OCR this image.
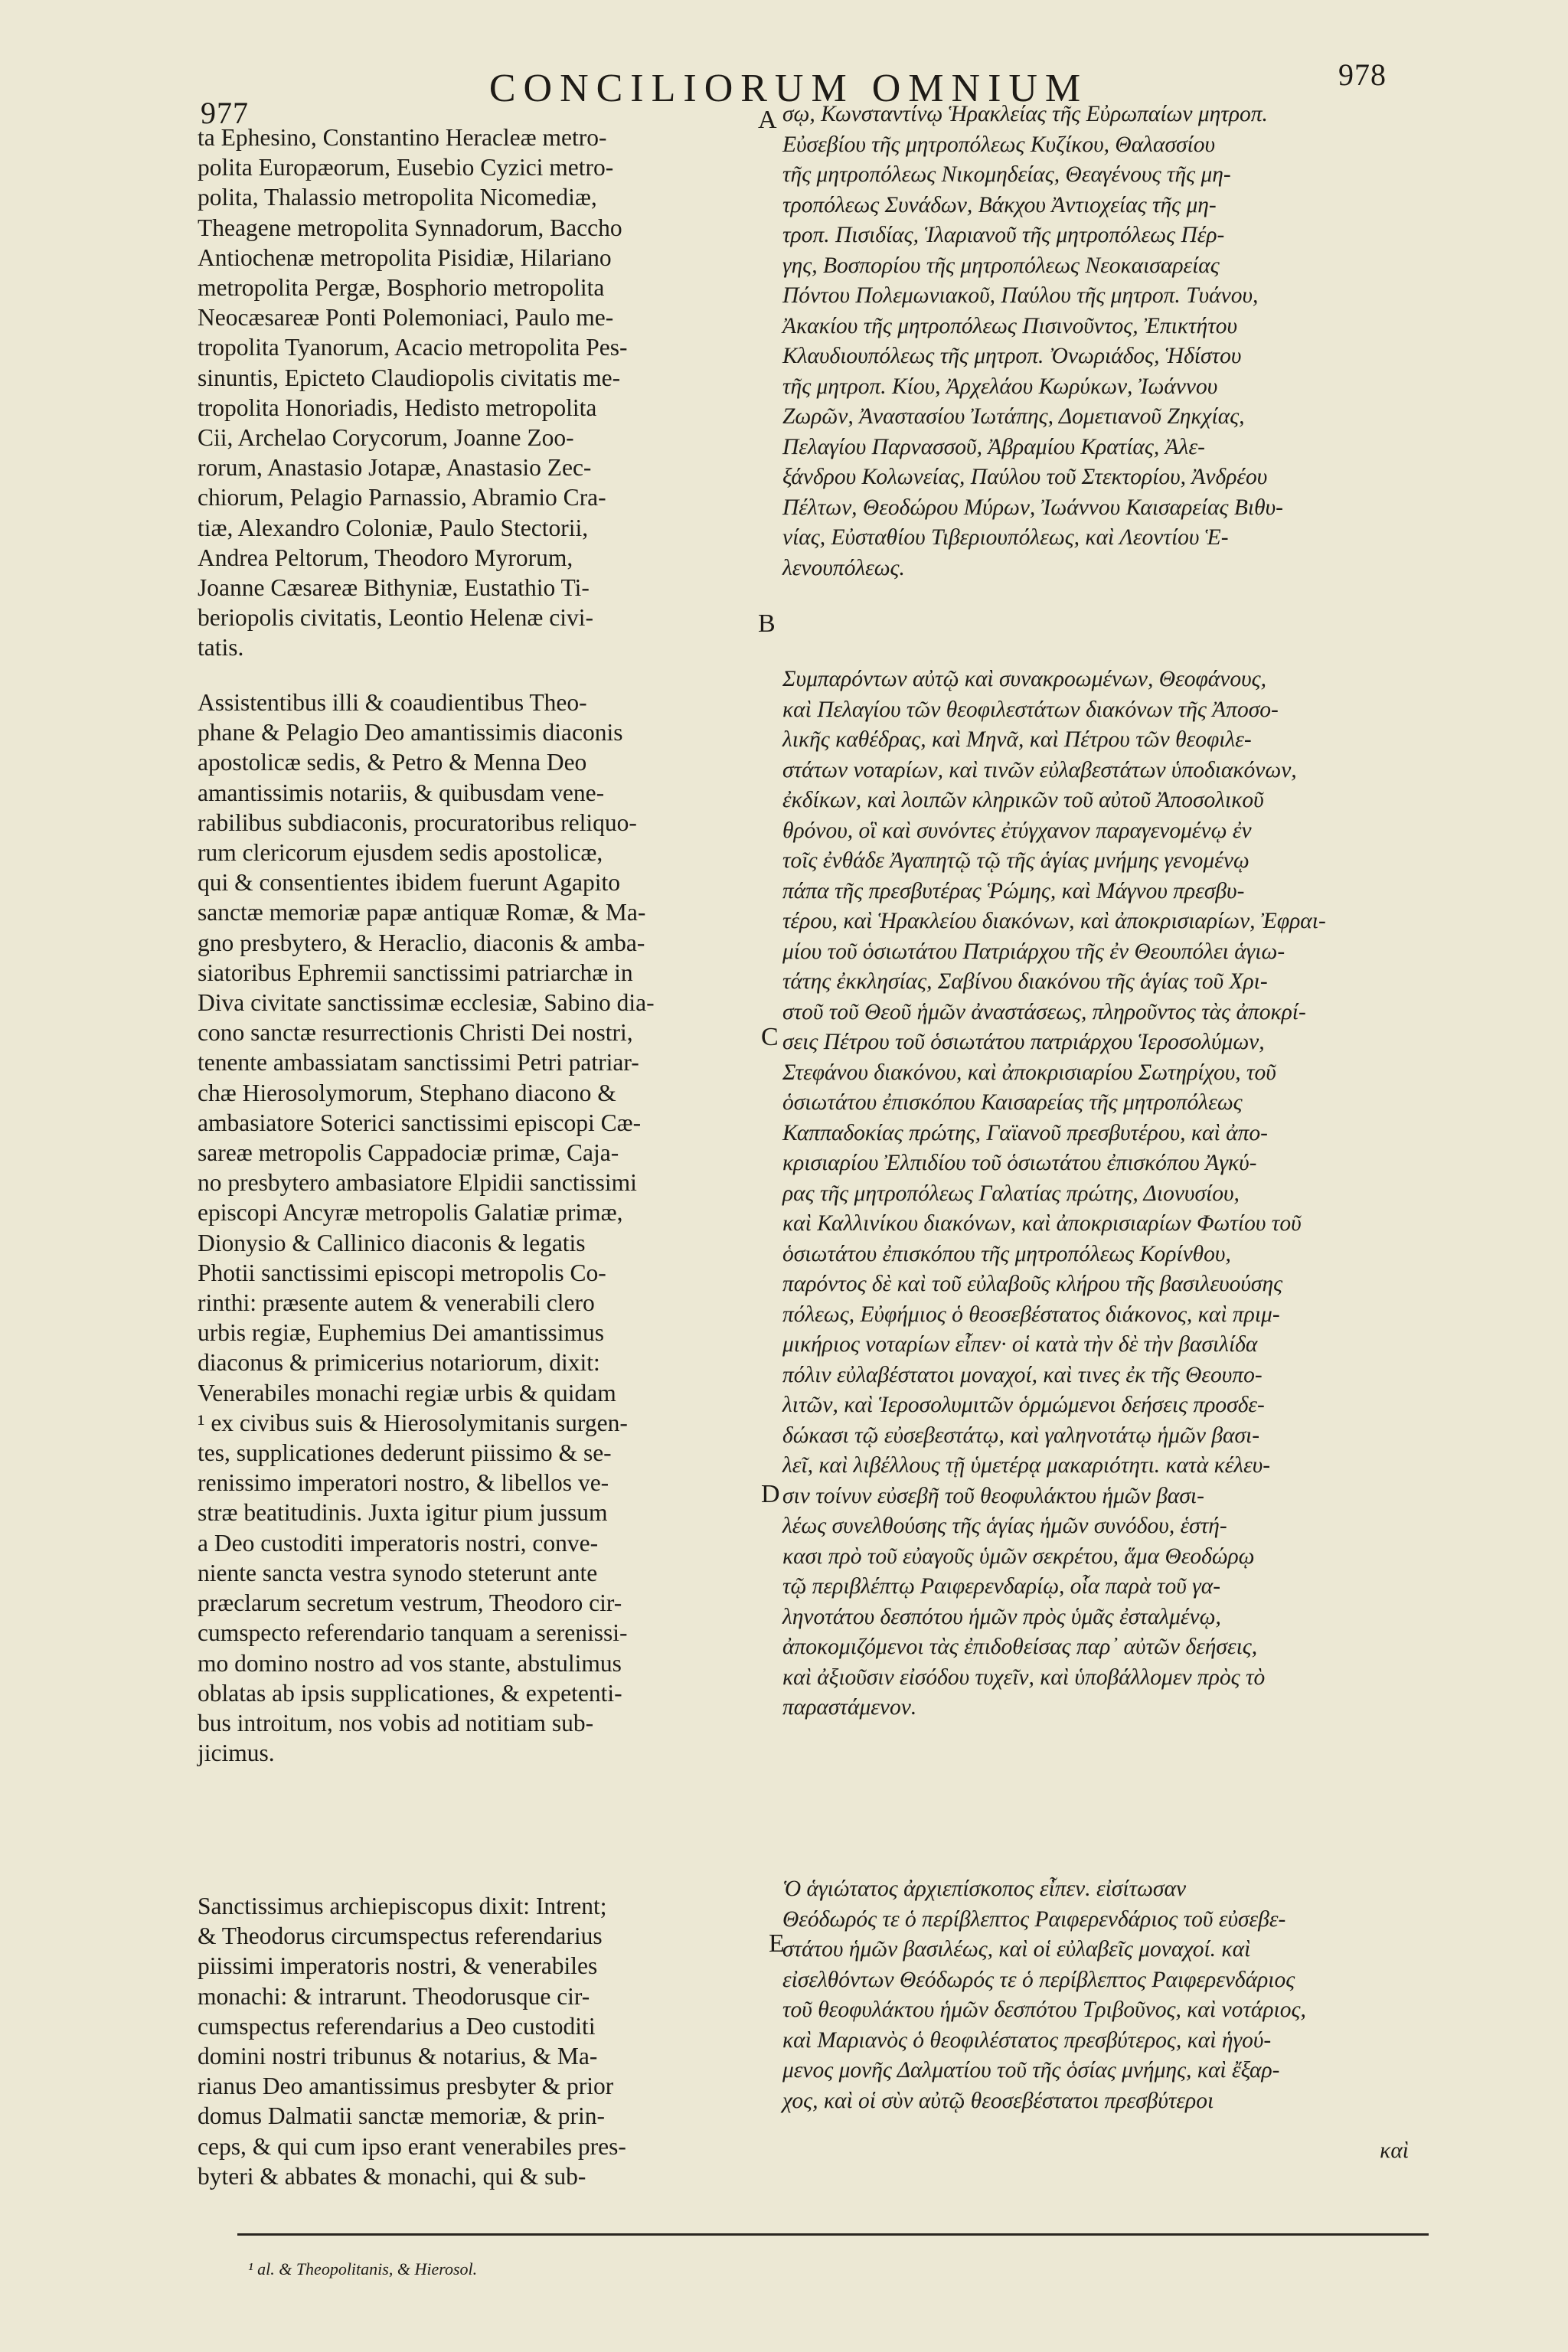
977
CONCILIORUM OMNIUM	978

ta Ephesino, Constantino Heracleæ metro-
polita Europæorum, Eusebio Cyzici metro-
polita, Thalassio metropolita Nicomediæ,
Theagene metropolita Synnadorum, Baccho
Antiochenæ metropolita Pisidiæ, Hilariano
metropolita Pergæ, Bosphorio metropolita
Neocæsareæ Ponti Polemoniaci, Paulo me-
tropolita Tyanorum, Acacio metropolita Pes-
sinuntis, Epicteto Claudiopolis civitatis me-
tropolita Honoriadis, Hedisto metropolita
Cii, Archelao Corycorum, Joanne Zoo-
rorum, Anastasio Jotapæ, Anastasio Zec-
chiorum, Pelagio Parnassio, Abramio Cra-
tiæ, Alexandro Coloniæ, Paulo Stectorii,
Andrea Peltorum, Theodoro Myrorum,
Joanne Cæsareæ Bithyniæ, Eustathio Ti-
beriopolis civitatis, Leontio Helenæ civi-
tatis.

Assistentibus illi & coaudientibus Theo-
phane & Pelagio Deo amantissimis diaconis
apostolicæ sedis, & Petro & Menna Deo
amantissimis notariis, & quibusdam vene-
rabilibus subdiaconis, procuratoribus reliquo-
rum clericorum ejusdem sedis apostolicæ,
qui & consentientes ibidem fuerunt Agapito
sanctæ memoriæ papæ antiquæ Romæ, & Ma-
gno presbytero, & Heraclio, diaconis & amba-
siatoribus Ephremii sanctissimi patriarchæ in
Diva civitate sanctissimæ ecclesiæ, Sabino dia-
cono sanctæ resurrectionis Christi Dei nostri,
tenente ambassiatam sanctissimi Petri patriar-
chæ Hierosolymorum, Stephano diacono &
ambasiatore Soterici sanctissimi episcopi Cæ-
sareæ metropolis Cappadociæ primæ, Caja-
no presbytero ambasiatore Elpidii sanctissimi
episcopi Ancyræ metropolis Galatiæ primæ,
Dionysio & Callinico diaconis & legatis
Photii sanctissimi episcopi metropolis Co-
rinthi: præsente autem & venerabili clero
urbis regiæ, Euphemius Dei amantissimus
diaconus & primicerius notariorum, dixit:
Venerabiles monachi regiæ urbis & quidam
¹ ex civibus suis & Hierosolymitanis surgen-
tes, supplicationes dederunt piissimo & se-
renissimo imperatori nostro, & libellos ve-
stræ beatitudinis. Juxta igitur pium jussum
a Deo custoditi imperatoris nostri, conve-
niente sancta vestra synodo steterunt ante
præclarum secretum vestrum, Theodoro cir-
cumspecto referendario tanquam a serenissi-
mo domino nostro ad vos stante, abstulimus
oblatas ab ipsis supplicationes, & expetenti-
bus introitum, nos vobis ad notitiam sub-
jicimus.

Sanctissimus archiepiscopus dixit: Intrent;
& Theodorus circumspectus referendarius
piissimi imperatoris nostri, & venerabiles
monachi: & intrarunt. Theodorusque cir-
cumspectus referendarius a Deo custoditi
domini nostri tribunus & notarius, & Ma-
rianus Deo amantissimus presbyter & prior
domus Dalmatii sanctæ memoriæ, & prin-
ceps, & qui cum ipso erant venerabiles pres-
byteri & abbates & monachi, qui & sub-

A
B
C
D
E

σῳ, Κωνσταντίνῳ Ἡρακλείας τῆς Εὐρωπαίων μητροπ.
Εὐσεβίου τῆς μητροπόλεως Κυζίκου, Θαλασσίου
τῆς μητροπόλεως Νικομηδείας, Θεαγένους τῆς μη-
τροπόλεως Συνάδων, Βάκχου Ἀντιοχείας τῆς μη-
τροπ. Πισιδίας, Ἱλαριανοῦ τῆς μητροπόλεως Πέρ-
γης, Βοσπορίου τῆς μητροπόλεως Νεοκαισαρείας
Πόντου Πολεμωνιακοῦ, Παύλου τῆς μητροπ. Τυάνου,
Ἀκακίου τῆς μητροπόλεως Πισινοῦντος, Ἐπικτήτου
Κλαυδιουπόλεως τῆς μητροπ. Ὀνωριάδος, Ἡδίστου
τῆς μητροπ. Κίου, Ἀρχελάου Κωρύκων, Ἰωάννου
Ζωρῶν, Ἀναστασίου Ἰωτάπης, Δομετιανοῦ Ζηκχίας,
Πελαγίου Παρνασσοῦ, Ἀβραμίου Κρατίας, Ἀλε-
ξάνδρου Κολωνείας, Παύλου τοῦ Στεκτορίου, Ἀνδρέου
Πέλτων, Θεοδώρου Μύρων, Ἰωάννου Καισαρείας Βιθυ-
νίας, Εὐσταθίου Τιβεριουπόλεως, καὶ Λεοντίου Ἑ-
λενουπόλεως.

Συμπαρόντων αὐτῷ καὶ συνακροωμένων, Θεοφάνους,
καὶ Πελαγίου τῶν θεοφιλεστάτων διακόνων τῆς Ἀποσο-
λικῆς καθέδρας, καὶ Μηνᾶ, καὶ Πέτρου τῶν θεοφιλε-
στάτων νοταρίων, καὶ τινῶν εὐλαβεστάτων ὑποδιακόνων,
ἐκδίκων, καὶ λοιπῶν κληρικῶν τοῦ αὐτοῦ Ἀποσολικοῦ
θρόνου, οἳ καὶ συνόντες ἐτύγχανον παραγενομένῳ ἐν
τοῖς ἐνθάδε Ἀγαπητῷ τῷ τῆς ἁγίας μνήμης γενομένῳ
πάπα τῆς πρεσβυτέρας Ῥώμης, καὶ Μάγνου πρεσβυ-
τέρου, καὶ Ἡρακλείου διακόνων, καὶ ἀποκρισιαρίων, Ἐφραι-
μίου τοῦ ὁσιωτάτου Πατριάρχου τῆς ἐν Θεουπόλει ἁγιω-
τάτης ἐκκλησίας, Σαβίνου διακόνου τῆς ἁγίας τοῦ Χρι-
στοῦ τοῦ Θεοῦ ἡμῶν ἀναστάσεως, πληροῦντος τὰς ἀποκρί-
σεις Πέτρου τοῦ ὁσιωτάτου πατριάρχου Ἱεροσολύμων,
Στεφάνου διακόνου, καὶ ἀποκρισιαρίου Σωτηρίχου, τοῦ
ὁσιωτάτου ἐπισκόπου Καισαρείας τῆς μητροπόλεως
Καππαδοκίας πρώτης, Γαϊανοῦ πρεσβυτέρου, καὶ ἀπο-
κρισιαρίου Ἐλπιδίου τοῦ ὁσιωτάτου ἐπισκόπου Ἀγκύ-
ρας τῆς μητροπόλεως Γαλατίας πρώτης, Διονυσίου,
καὶ Καλλινίκου διακόνων, καὶ ἀποκρισιαρίων Φωτίου τοῦ
ὁσιωτάτου ἐπισκόπου τῆς μητροπόλεως Κορίνθου,
παρόντος δὲ καὶ τοῦ εὐλαβοῦς κλήρου τῆς βασιλευούσης
πόλεως, Εὐφήμιος ὁ θεοσεβέστατος διάκονος, καὶ πριμ-
μικήριος νοταρίων εἶπεν· οἱ κατὰ τὴν δὲ τὴν βασιλίδα
πόλιν εὐλαβέστατοι μοναχοί, καὶ τινες ἐκ τῆς Θεουπο-
λιτῶν, καὶ Ἱεροσολυμιτῶν ὁρμώμενοι δεήσεις προσδε-
δώκασι τῷ εὐσεβεστάτῳ, καὶ γαληνοτάτῳ ἡμῶν βασι-
λεῖ, καὶ λιβέλλους τῇ ὑμετέρᾳ μακαριότητι. κατὰ κέλευ-
σιν τοίνυν εὐσεβῆ τοῦ θεοφυλάκτου ἡμῶν βασι-
λέως συνελθούσης τῆς ἁγίας ἡμῶν συνόδου, ἑστή-
κασι πρὸ τοῦ εὐαγοῦς ὑμῶν σεκρέτου, ἅμα Θεοδώρῳ
τῷ περιβλέπτῳ Ραιφερενδαρίῳ, οἷα παρὰ τοῦ γα-
ληνοτάτου δεσπότου ἡμῶν πρὸς ὑμᾶς ἐσταλμένῳ,
ἀποκομιζόμενοι τὰς ἐπιδοθείσας παρ᾽ αὐτῶν δεήσεις,
καὶ ἀξιοῦσιν εἰσόδου τυχεῖν, καὶ ὑποβάλλομεν πρὸς τὸ
παραστάμενον.

Ὁ ἁγιώτατος ἀρχιεπίσκοπος εἶπεν. εἰσίτωσαν
Θεόδωρός τε ὁ περίβλεπτος Ραιφερενδάριος τοῦ εὐσεβε-
στάτου ἡμῶν βασιλέως, καὶ οἱ εὐλαβεῖς μοναχοί. καὶ
εἰσελθόντων Θεόδωρός τε ὁ περίβλεπτος Ραιφερενδάριος
τοῦ θεοφυλάκτου ἡμῶν δεσπότου Τριβοῦνος, καὶ νοτάριος,
καὶ Μαριανὸς ὁ θεοφιλέστατος πρεσβύτερος, καὶ ἡγού-
μενος μονῆς Δαλματίου τοῦ τῆς ὁσίας μνήμης, καὶ ἔξαρ-
χος, καὶ οἱ σὺν αὐτῷ θεοσεβέστατοι πρεσβύτεροι

καὶ

¹ al. & Theopolitanis, & Hierosol.
